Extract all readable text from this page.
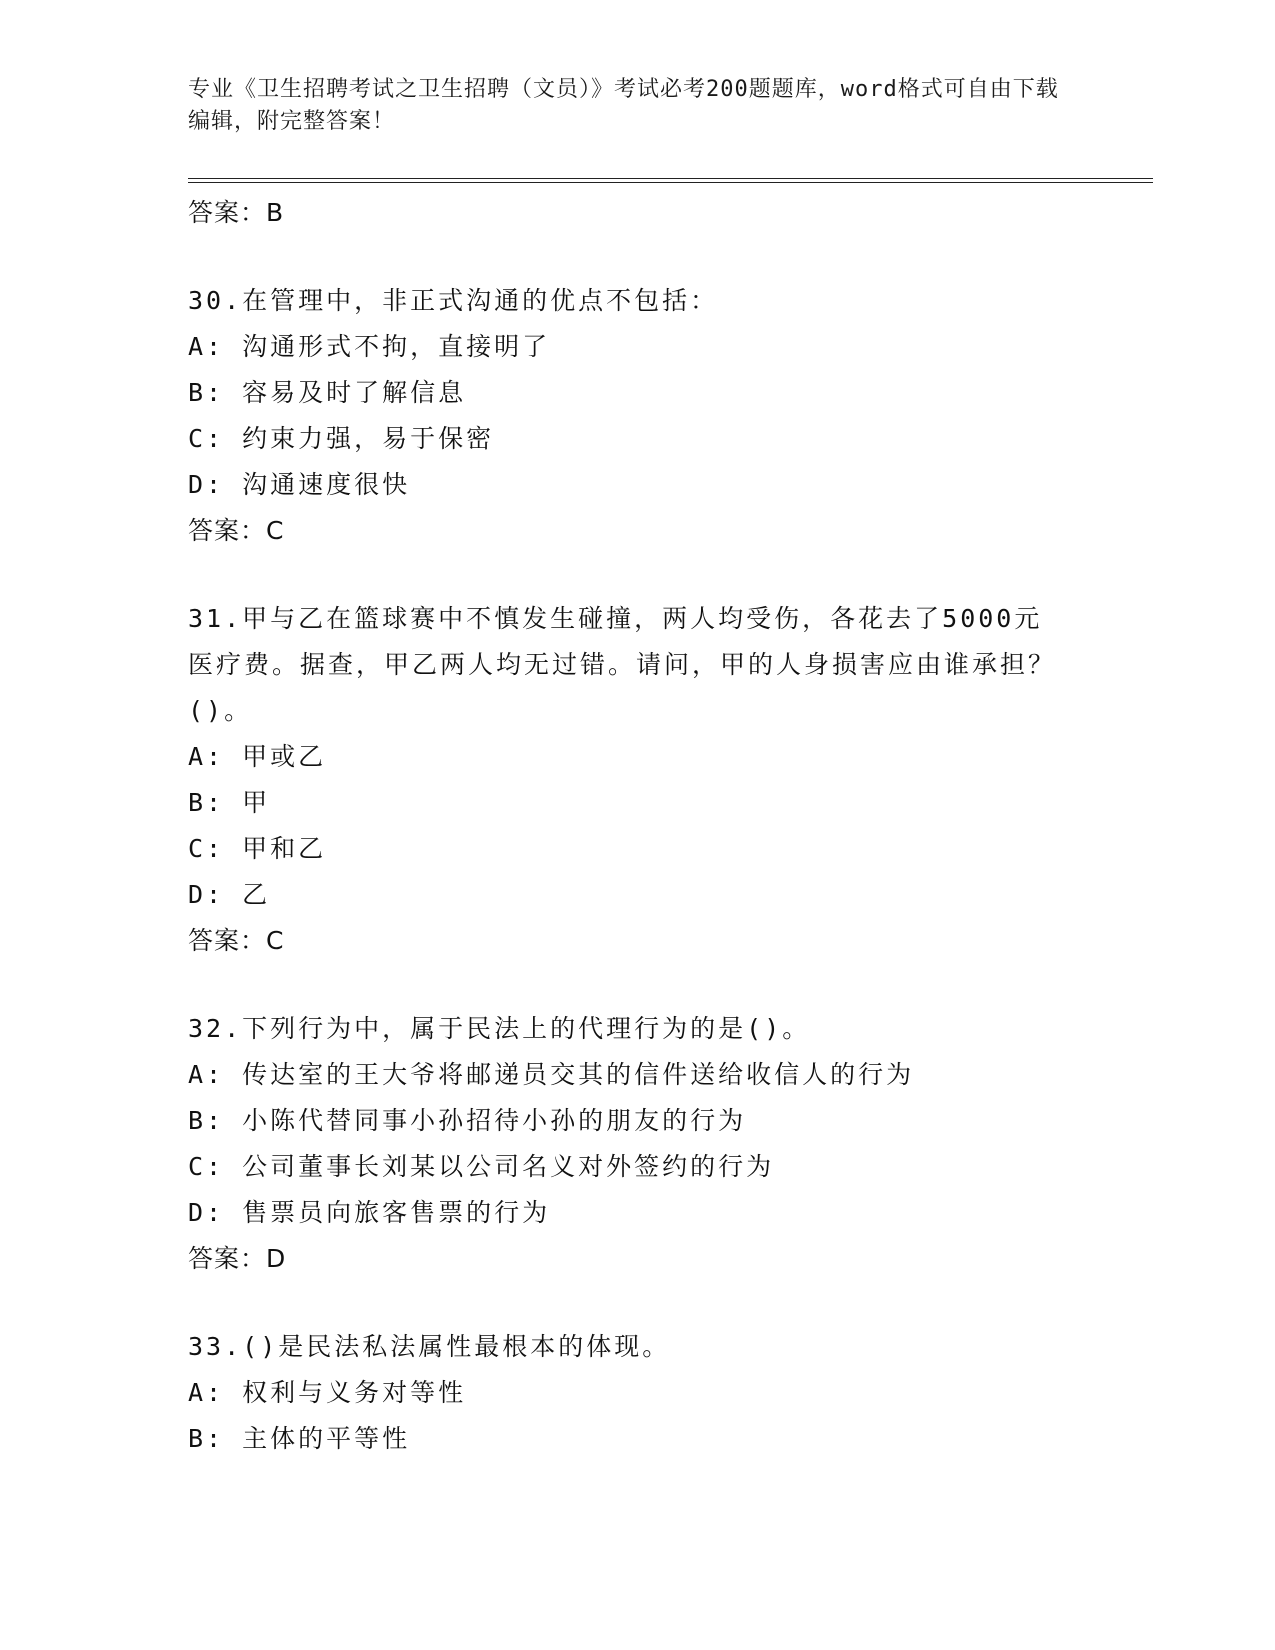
专业《卫生招聘考试之卫生招聘（文员）》考试必考200题题库，word格式可自由下载编辑，附完整答案！
答案：B
30.在管理中，非正式沟通的优点不包括：
A: 沟通形式不拘，直接明了
B: 容易及时了解信息
C: 约束力强，易于保密
D: 沟通速度很快
答案：C
31.甲与乙在篮球赛中不慎发生碰撞，两人均受伤，各花去了5000元医疗费。据查，甲乙两人均无过错。请问，甲的人身损害应由谁承担？()。
A: 甲或乙
B: 甲
C: 甲和乙
D: 乙
答案：C
32.下列行为中，属于民法上的代理行为的是()。
A: 传达室的王大爷将邮递员交其的信件送给收信人的行为
B: 小陈代替同事小孙招待小孙的朋友的行为
C: 公司董事长刘某以公司名义对外签约的行为
D: 售票员向旅客售票的行为
答案：D
33.()是民法私法属性最根本的体现。
A: 权利与义务对等性
B: 主体的平等性
